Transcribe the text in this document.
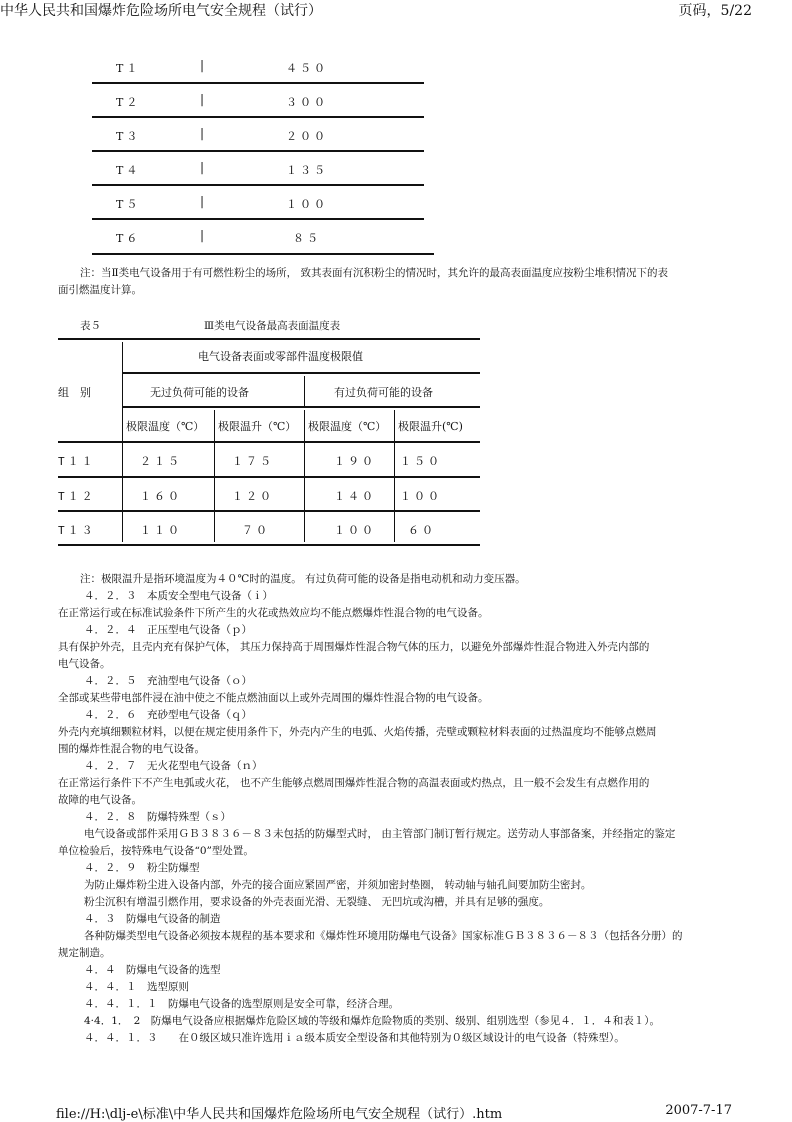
中华人民共和国爆炸危险场所电气安全规程（试行）	页码，5/22
T１	|	４５０
T２	|	３００
T３	|	２００
T４	|	１３５
T５	|	１００
T６	|	８５
注：当Ⅱ类电气设备用于有可燃性粉尘的场所， 致其表面有沉积粉尘的情况时，其允许的最高表面温度应按粉尘堆积情况下的表
面引燃温度计算。
表５	Ⅲ类电气设备最高表面温度表
电气设备表面或零部件温度极限值
组　别	无过负荷可能的设备	有过负荷可能的设备
极限温度（℃） 极限温升（℃） 极限温度（℃） 极限温升(℃)
T１１	２１５	１７５	１９０ １５０
T１２	１６０	１２０	１４０ １００
T１３	１１０	７０	１００	６０
注：极限温升是指环境温度为４０℃时的温度。 有过负荷可能的设备是指电动机和动力变压器。
４．２．３　本质安全型电气设备（ｉ）
在正常运行或在标准试验条件下所产生的火花或热效应均不能点燃爆炸性混合物的电气设备。
４．２．４　正压型电气设备（ｐ）
具有保护外壳，且壳内充有保护气体， 其压力保持高于周围爆炸性混合物气体的压力，以避免外部爆炸性混合物进入外壳内部的
电气设备。
４．２．５　充油型电气设备（ｏ）
全部或某些带电部件浸在油中使之不能点燃油面以上或外壳周围的爆炸性混合物的电气设备。
４．２．６　充砂型电气设备（ｑ）
外壳内充填细颗粒材料，以便在规定使用条件下，外壳内产生的电弧、火焰传播，壳壁或颗粒材料表面的过热温度均不能够点燃周
围的爆炸性混合物的电气设备。
４．２．７　无火花型电气设备（ｎ）
在正常运行条件下不产生电弧或火花， 也不产生能够点燃周围爆炸性混合物的高温表面或灼热点，且一般不会发生有点燃作用的
故障的电气设备。
４．２．８　防爆特殊型（ｓ）
电气设备或部件采用ＧＢ３８３６－８３未包括的防爆型式时， 由主管部门制订暂行规定。送劳动人事部备案，并经指定的鉴定
单位检验后，按特殊电气设备“0”型处置。
４．２．９　粉尘防爆型
为防止爆炸粉尘进入设备内部，外壳的接合面应紧固严密，并须加密封垫圈， 转动轴与轴孔间要加防尘密封。
粉尘沉积有增温引燃作用，要求设备的外壳表面光滑、无裂缝、 无凹坑或沟槽，并具有足够的强度。
４．３　防爆电气设备的制造
各种防爆类型电气设备必须按本规程的基本要求和《爆炸性环境用防爆电气设备》国家标准ＧＢ３８３６－８３（包括各分册）的
规定制造。
４．４　防爆电气设备的选型
４．４．１　选型原则
４．４．１．１　防爆电气设备的选型原则是安全可靠，经济合理。
4·4．1．　2　防爆电气设备应根据爆炸危险区域的等级和爆炸危险物质的类别、级别、组别选型（参见４．１．４和表１）。
４．４．１．３　　在０级区域只准许选用ｉａ级本质安全型设备和其他特别为０级区域设计的电气设备（特殊型）。
file://H:\dlj-e\标准\中华人民共和国爆炸危险场所电气安全规程（试行）.htm	2007-7-17
